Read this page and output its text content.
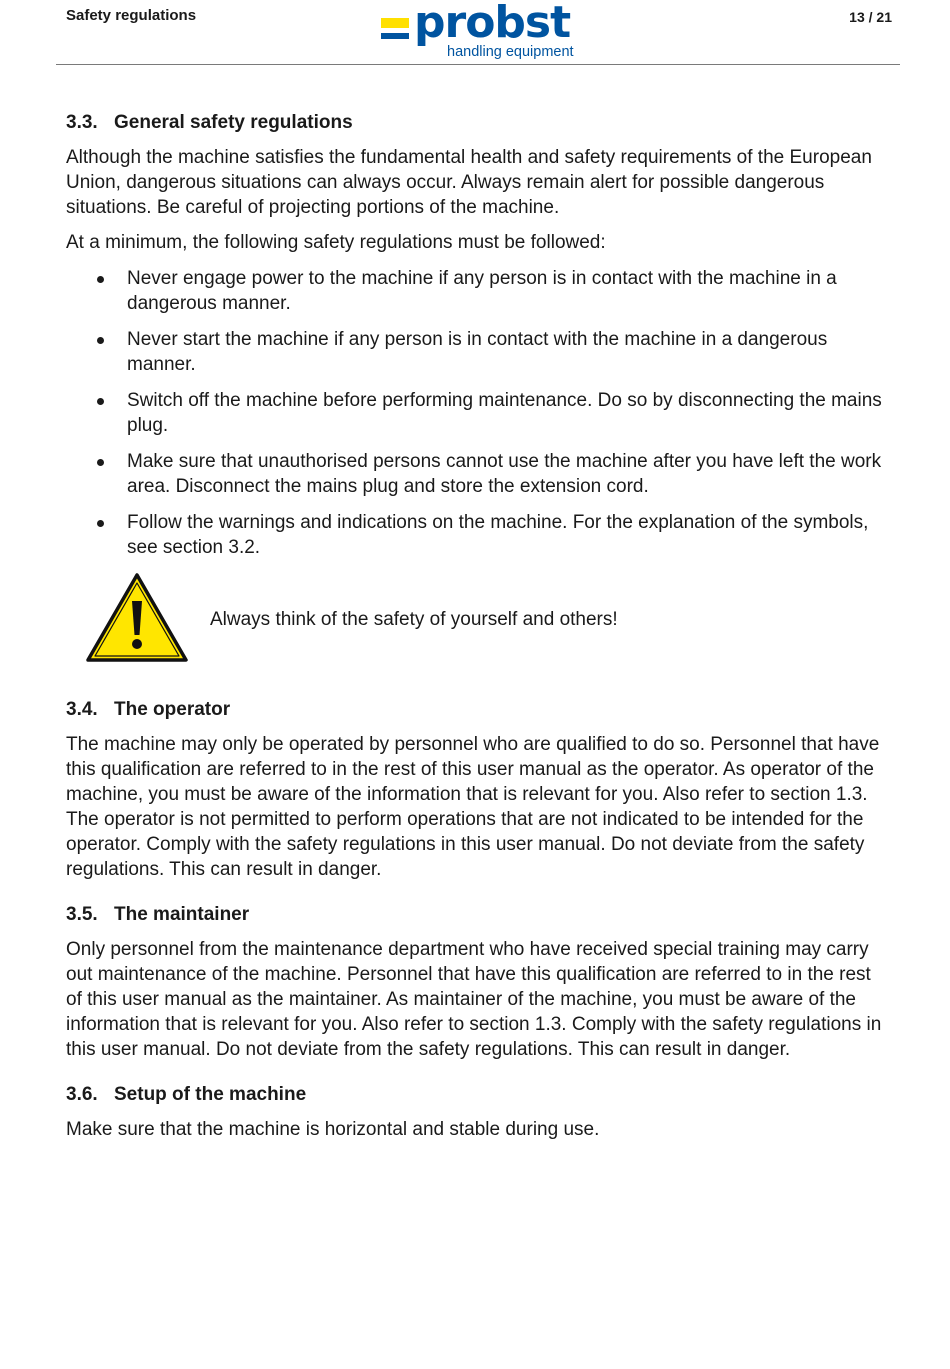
Safety regulations	probst
handling equipment
13 / 21
3.3. General safety regulations

Although the machine satisfies the fundamental health and safety requirements of the European Union, dangerous situations can always occur. Always remain alert for possible dangerous situations. Be careful of projecting portions of the machine.

At a minimum, the following safety regulations must be followed:

Never engage power to the machine if any person is in contact with the machine in a dangerous manner.
Never start the machine if any person is in contact with the machine in a dangerous manner.
Switch off the machine before performing maintenance. Do so by disconnecting the mains plug.
Make sure that unauthorised persons cannot use the machine after you have left the work area. Disconnect the mains plug and store the extension cord.
Follow the warnings and indications on the machine. For the explanation of the symbols, see section 3.2.
Always think of the safety of yourself and others!
3.4. The operator

The machine may only be operated by personnel who are qualified to do so. Personnel that have this qualification are referred to in the rest of this user manual as the operator. As operator of the machine, you must be aware of the information that is relevant for you. Also refer to section 1.3. The operator is not permitted to perform operations that are not indicated to be intended for the operator. Comply with the safety regulations in this user manual. Do not deviate from the safety regulations. This can result in danger.

3.5. The maintainer

Only personnel from the maintenance department who have received special training may carry out maintenance of the machine. Personnel that have this qualification are referred to in the rest of this user manual as the maintainer. As maintainer of the machine, you must be aware of the information that is relevant for you. Also refer to section 1.3. Comply with the safety regulations in this user manual. Do not deviate from the safety regulations. This can result in danger.

3.6. Setup of the machine

Make sure that the machine is horizontal and stable during use.
